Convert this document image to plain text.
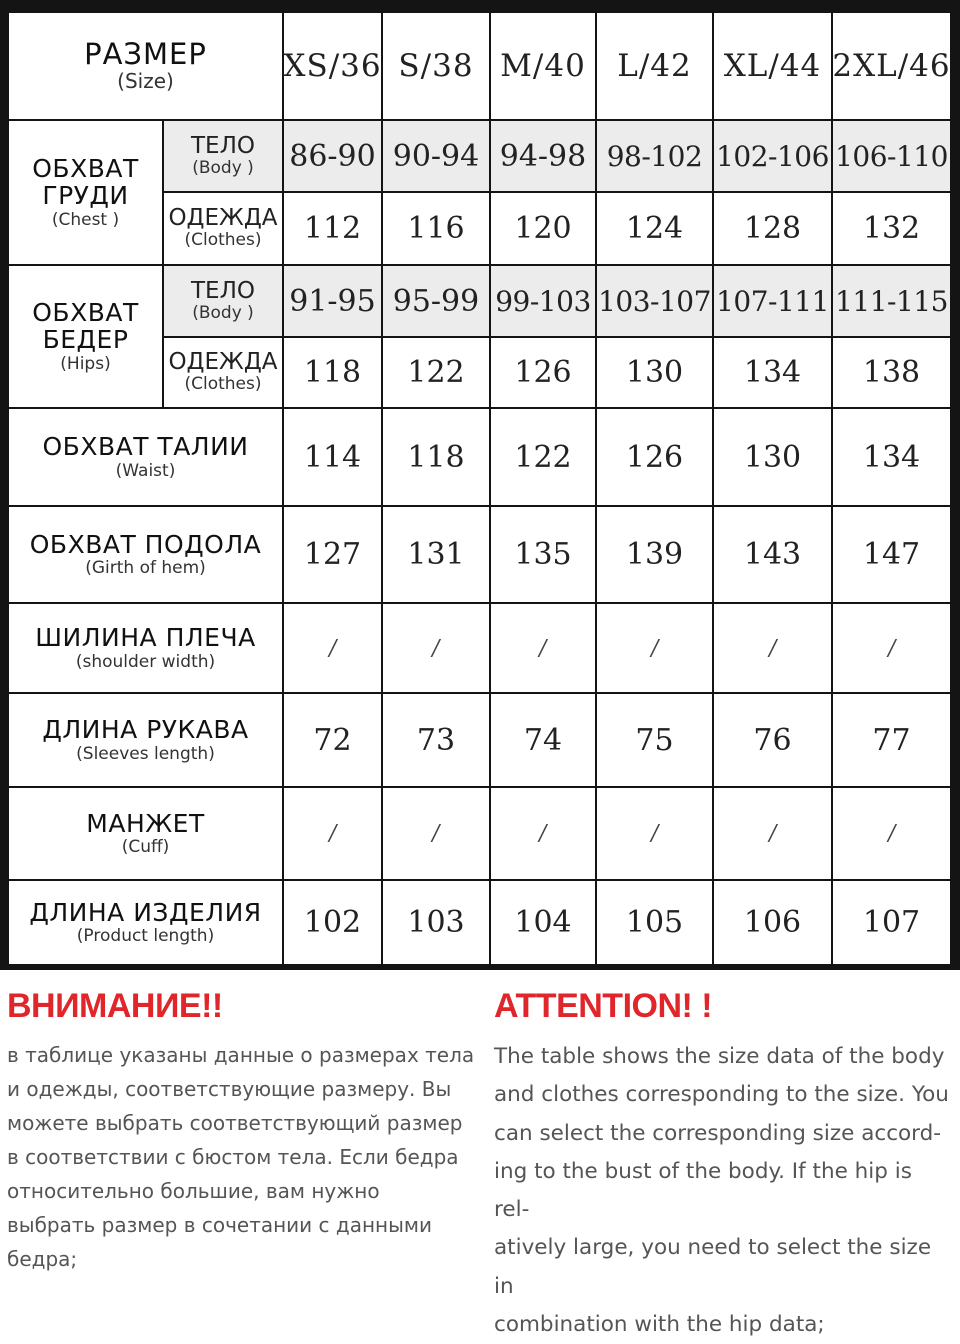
РАЗМЕР
(Size)	XS/36 S/38 M/40 L/42 XL/44 2XL/46
ОБХВАТ
ГРУДИ
(Chest )
ТЕЛО
(Body ) 86-90 90-94 94-98 98-102 102-106 106-110
ОДЕЖДА
(Clothes) 112 116 120 124 128 132
ОБХВАТ
БЕДЕР
(Hips)
ТЕЛО
(Body ) 91-95 95-99 99-103 103-107 107-111 111-115
ОДЕЖДА
(Clothes) 118 122 126 130 134 138
ОБХВАТ ТАЛИИ
(Waist)	114 118 122 126 130 134
ОБХВАТ ПОДОЛА
(Girth of hem)	127 131 135 139 143 147
ШИЛИНА ПЛЕЧА
(shoulder width)
/	/	/	/	/	/
ДЛИНА РУКАВА
(Sleeves length)	72 73 74 75	76	77
МАНЖЕТ
(Cuff)
/	/	/	/	/	/
ДЛИНА ИЗДЕЛИЯ
(Product length)	102 103 104 105 106 107
ВНИМАНИЕ!!

в таблице указаны данные о размерах тела
и одежды, соответствующие размеру. Вы
можете выбрать соответствующий размер
в соответствии с бюстом тела. Если бедра
относительно большие, вам нужно
выбрать размер в сочетании с данными
бедра;

ATTENTION! !

The table shows the size data of the body
and clothes corresponding to the size. You
can select the corresponding size accord-
ing to the bust of the body. If the hip is rel-
atively large, you need to select the size in
combination with the hip data;
